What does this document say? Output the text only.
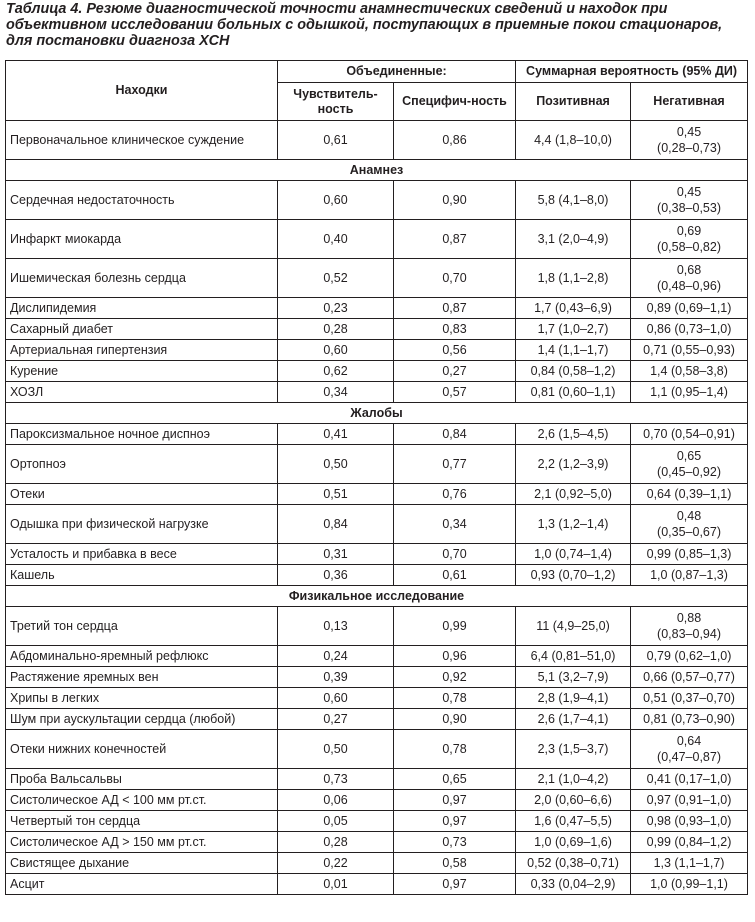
Таблица 4. Резюме диагностической точности анамнестических сведений и находок при объективном исследовании больных с одышкой, поступающих в приемные покои стационаров, для постановки диагноза ХСН
Находки	Объединенные:		Суммарная вероятность (95% ДИ)	
	Чувствитель-ность	Специфич-ность	Позитивная	Негативная
Первоначальное клиническое суждение	0,61	0,86	4,4 (1,8–10,0)	0,45
(0,28–0,73)

Анамнез				
Сердечная недостаточность	0,60	0,90	5,8 (4,1–8,0)	0,45
(0,38–0,53)

Инфаркт миокарда	0,40	0,87	3,1 (2,0–4,9)	0,69
(0,58–0,82)

Ишемическая болезнь сердца	0,52	0,70	1,8 (1,1–2,8)	0,68
(0,48–0,96)

Дислипидемия	0,23	0,87	1,7 (0,43–6,9)	0,89 (0,69–1,1)

Сахарный диабет	0,28	0,83	1,7 (1,0–2,7)	0,86 (0,73–1,0)

Артериальная гипертензия	0,60	0,56	1,4 (1,1–1,7)	0,71 (0,55–0,93)

Курение	0,62	0,27	0,84 (0,58–1,2)	1,4 (0,58–3,8)

ХОЗЛ	0,34	0,57	0,81 (0,60–1,1)	1,1 (0,95–1,4)

Жалобы				
Пароксизмальное ночное диспноэ	0,41	0,84	2,6 (1,5–4,5)	0,70 (0,54–0,91)

Ортопноэ	0,50	0,77	2,2 (1,2–3,9)	0,65
(0,45–0,92)

Отеки	0,51	0,76	2,1 (0,92–5,0)	0,64 (0,39–1,1)

Одышка при физической нагрузке	0,84	0,34	1,3 (1,2–1,4)	0,48
(0,35–0,67)

Усталость и прибавка в весе	0,31	0,70	1,0 (0,74–1,4)	0,99 (0,85–1,3)

Кашель	0,36	0,61	0,93 (0,70–1,2)	1,0 (0,87–1,3)

Физикальное исследование				
Третий тон сердца	0,13	0,99	11 (4,9–25,0)	0,88
(0,83–0,94)

Абдоминально-яремный рефлюкс	0,24	0,96	6,4 (0,81–51,0)	0,79 (0,62–1,0)

Растяжение яремных вен	0,39	0,92	5,1 (3,2–7,9)	0,66 (0,57–0,77)

Хрипы в легких	0,60	0,78	2,8 (1,9–4,1)	0,51 (0,37–0,70)

Шум при аускультации сердца (любой)	0,27	0,90	2,6 (1,7–4,1)	0,81 (0,73–0,90)

Отеки нижних конечностей	0,50	0,78	2,3 (1,5–3,7)	0,64
(0,47–0,87)

Проба Вальсальвы	0,73	0,65	2,1 (1,0–4,2)	0,41 (0,17–1,0)

Систолическое АД < 100 мм рт.ст.	0,06	0,97	2,0 (0,60–6,6)	0,97 (0,91–1,0)

Четвертый тон сердца	0,05	0,97	1,6 (0,47–5,5)	0,98 (0,93–1,0)

Систолическое АД > 150 мм рт.ст.	0,28	0,73	1,0 (0,69–1,6)	0,99 (0,84–1,2)

Свистящее дыхание	0,22	0,58	0,52 (0,38–0,71)	1,3 (1,1–1,7)

Асцит	0,01	0,97	0,33 (0,04–2,9)	1,0 (0,99–1,1)
